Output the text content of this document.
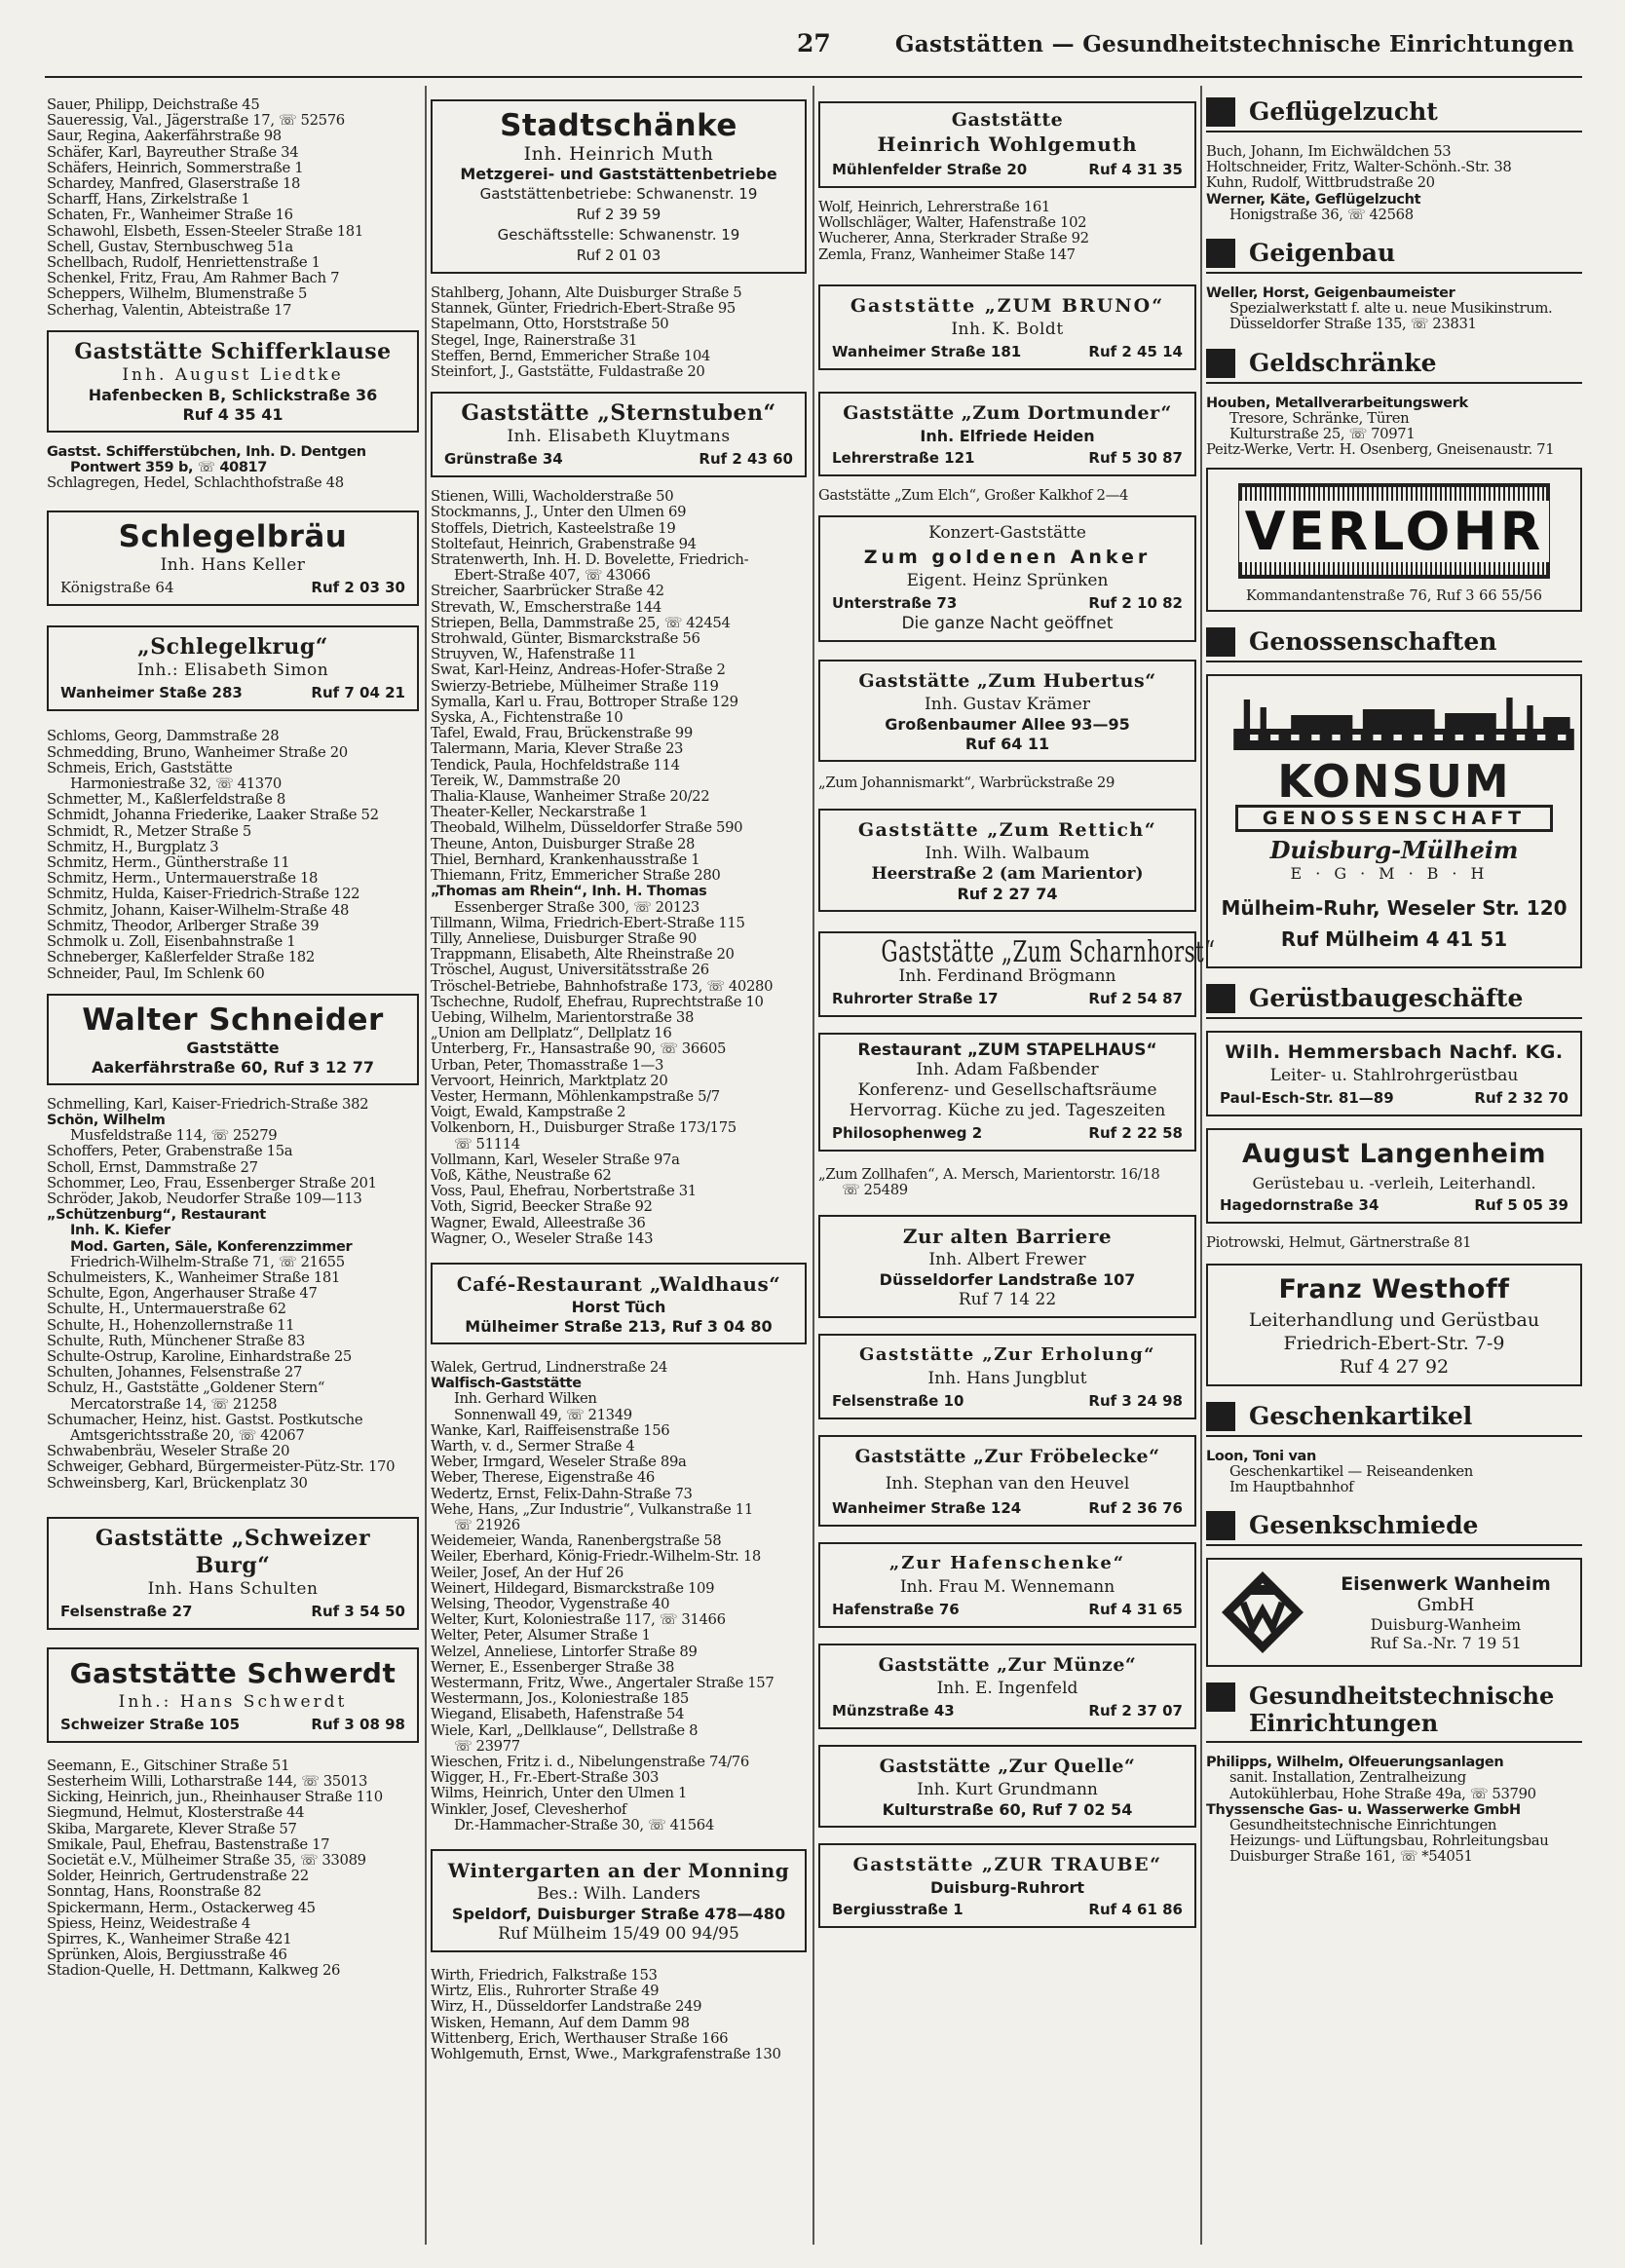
27	Gaststätten — Gesundheitstechnische Einrichtungen
Sauer, Philipp, Deichstraße 45
Saueressig, Val., Jägerstraße 17, ☏ 52576
Saur, Regina, Aakerfährstraße 98
Schäfer, Karl, Bayreuther Straße 34
Schäfers, Heinrich, Sommerstraße 1
Schardey, Manfred, Glaserstraße 18
Scharff, Hans, Zirkelstraße 1
Schaten, Fr., Wanheimer Straße 16
Schawohl, Elsbeth, Essen-Steeler Straße 181
Schell, Gustav, Sternbuschweg 51a
Schellbach, Rudolf, Henriettenstraße 1
Schenkel, Fritz, Frau, Am Rahmer Bach 7
Scheppers, Wilhelm, Blumenstraße 5
Scherhag, Valentin, Abteistraße 17
Gaststätte Schifferklause
Inh. August Liedtke
Hafenbecken B, Schlickstraße 36
Ruf 4 35 41
Gastst. Schifferstübchen, Inh. D. Dentgen
Pontwert 359 b, ☏ 40817
Schlagregen, Hedel, Schlachthofstraße 48
Schlegelbräu
Inh. Hans Keller
Königstraße 64	Ruf 2 03 30
„Schlegelkrug“
Inh.: Elisabeth Simon
Wanheimer Staße 283	Ruf 7 04 21
Schloms, Georg, Dammstraße 28
Schmedding, Bruno, Wanheimer Straße 20
Schmeis, Erich, Gaststätte
Harmoniestraße 32, ☏ 41370
Schmetter, M., Kaßlerfeldstraße 8
Schmidt, Johanna Friederike, Laaker Straße 52
Schmidt, R., Metzer Straße 5
Schmitz, H., Burgplatz 3
Schmitz, Herm., Güntherstraße 11
Schmitz, Herm., Untermauerstraße 18
Schmitz, Hulda, Kaiser-Friedrich-Straße 122
Schmitz, Johann, Kaiser-Wilhelm-Straße 48
Schmitz, Theodor, Arlberger Straße 39
Schmolk u. Zoll, Eisenbahnstraße 1
Schneberger, Kaßlerfelder Straße 182
Schneider, Paul, Im Schlenk 60
Walter Schneider
Gaststätte
Aakerfährstraße 60, Ruf 3 12 77
Schmelling, Karl, Kaiser-Friedrich-Straße 382
Schön, Wilhelm
Musfeldstraße 114, ☏ 25279
Schoffers, Peter, Grabenstraße 15a
Scholl, Ernst, Dammstraße 27
Schommer, Leo, Frau, Essenberger Straße 201
Schröder, Jakob, Neudorfer Straße 109—113
„Schützenburg“, Restaurant
Inh. K. Kiefer
Mod. Garten, Säle, Konferenzzimmer
Friedrich-Wilhelm-Straße 71, ☏ 21655
Schulmeisters, K., Wanheimer Straße 181
Schulte, Egon, Angerhauser Straße 47
Schulte, H., Untermauerstraße 62
Schulte, H., Hohenzollernstraße 11
Schulte, Ruth, Münchener Straße 83
Schulte-Ostrup, Karoline, Einhardstraße 25
Schulten, Johannes, Felsenstraße 27
Schulz, H., Gaststätte „Goldener Stern“
Mercatorstraße 14, ☏ 21258
Schumacher, Heinz, hist. Gastst. Postkutsche
Amtsgerichtsstraße 20, ☏ 42067
Schwabenbräu, Weseler Straße 20
Schweiger, Gebhard, Bürgermeister-Pütz-Str. 170
Schweinsberg, Karl, Brückenplatz 30
Gaststätte „Schweizer Burg“
Inh. Hans Schulten
Felsenstraße 27	Ruf 3 54 50
Gaststätte Schwerdt
Inh.: Hans Schwerdt
Schweizer Straße 105	Ruf 3 08 98
Seemann, E., Gitschiner Straße 51
Sesterheim Willi, Lotharstraße 144, ☏ 35013
Sicking, Heinrich, jun., Rheinhauser Straße 110
Siegmund, Helmut, Klosterstraße 44
Skiba, Margarete, Klever Straße 57
Smikale, Paul, Ehefrau, Bastenstraße 17
Societät e.V., Mülheimer Straße 35, ☏ 33089
Solder, Heinrich, Gertrudenstraße 22
Sonntag, Hans, Roonstraße 82
Spickermann, Herm., Ostackerweg 45
Spiess, Heinz, Weidestraße 4
Spirres, K., Wanheimer Straße 421
Sprünken, Alois, Bergiusstraße 46
Stadion-Quelle, H. Dettmann, Kalkweg 26
Stadtschänke
Inh. Heinrich Muth
Metzgerei- und Gaststättenbetriebe
Gaststättenbetriebe: Schwanenstr. 19
Ruf 2 39 59
Geschäftsstelle: Schwanenstr. 19
Ruf 2 01 03
Stahlberg, Johann, Alte Duisburger Straße 5
Stannek, Günter, Friedrich-Ebert-Straße 95
Stapelmann, Otto, Horststraße 50
Stegel, Inge, Rainerstraße 31
Steffen, Bernd, Emmericher Straße 104
Steinfort, J., Gaststätte, Fuldastraße 20
Gaststätte „Sternstuben“
Inh. Elisabeth Kluytmans
Grünstraße 34	Ruf 2 43 60
Stienen, Willi, Wacholderstraße 50
Stockmanns, J., Unter den Ulmen 69
Stoffels, Dietrich, Kasteelstraße 19
Stoltefaut, Heinrich, Grabenstraße 94
Stratenwerth, Inh. H. D. Bovelette, Friedrich-
Ebert-Straße 407, ☏ 43066
Streicher, Saarbrücker Straße 42
Strevath, W., Emscherstraße 144
Striepen, Bella, Dammstraße 25, ☏ 42454
Strohwald, Günter, Bismarckstraße 56
Struyven, W., Hafenstraße 11
Swat, Karl-Heinz, Andreas-Hofer-Straße 2
Swierzy-Betriebe, Mülheimer Straße 119
Symalla, Karl u. Frau, Bottroper Straße 129
Syska, A., Fichtenstraße 10
Tafel, Ewald, Frau, Brückenstraße 99
Talermann, Maria, Klever Straße 23
Tendick, Paula, Hochfeldstraße 114
Tereik, W., Dammstraße 20
Thalia-Klause, Wanheimer Straße 20/22
Theater-Keller, Neckarstraße 1
Theobald, Wilhelm, Düsseldorfer Straße 590
Theune, Anton, Duisburger Straße 28
Thiel, Bernhard, Krankenhausstraße 1
Thiemann, Fritz, Emmericher Straße 280
„Thomas am Rhein“, Inh. H. Thomas
Essenberger Straße 300, ☏ 20123
Tillmann, Wilma, Friedrich-Ebert-Straße 115
Tilly, Anneliese, Duisburger Straße 90
Trappmann, Elisabeth, Alte Rheinstraße 20
Tröschel, August, Universitätsstraße 26
Tröschel-Betriebe, Bahnhofstraße 173, ☏ 40280
Tschechne, Rudolf, Ehefrau, Ruprechtstraße 10
Uebing, Wilhelm, Marientorstraße 38
„Union am Dellplatz“, Dellplatz 16
Unterberg, Fr., Hansastraße 90, ☏ 36605
Urban, Peter, Thomasstraße 1—3
Vervoort, Heinrich, Marktplatz 20
Vester, Hermann, Möhlenkampstraße 5/7
Voigt, Ewald, Kampstraße 2
Volkenborn, H., Duisburger Straße 173/175
☏ 51114
Vollmann, Karl, Weseler Straße 97a
Voß, Käthe, Neustraße 62
Voss, Paul, Ehefrau, Norbertstraße 31
Voth, Sigrid, Beecker Straße 92
Wagner, Ewald, Alleestraße 36
Wagner, O., Weseler Straße 143
Café-Restaurant „Waldhaus“
Horst Tüch
Mülheimer Straße 213, Ruf 3 04 80
Walek, Gertrud, Lindnerstraße 24
Walfisch-Gaststätte
Inh. Gerhard Wilken
Sonnenwall 49, ☏ 21349
Wanke, Karl, Raiffeisenstraße 156
Warth, v. d., Sermer Straße 4
Weber, Irmgard, Weseler Straße 89a
Weber, Therese, Eigenstraße 46
Wedertz, Ernst, Felix-Dahn-Straße 73
Wehe, Hans, „Zur Industrie“, Vulkanstraße 11
☏ 21926
Weidemeier, Wanda, Ranenbergstraße 58
Weiler, Eberhard, König-Friedr.-Wilhelm-Str. 18
Weiler, Josef, An der Huf 26
Weinert, Hildegard, Bismarckstraße 109
Welsing, Theodor, Vygenstraße 40
Welter, Kurt, Koloniestraße 117, ☏ 31466
Welter, Peter, Alsumer Straße 1
Welzel, Anneliese, Lintorfer Straße 89
Werner, E., Essenberger Straße 38
Westermann, Fritz, Wwe., Angertaler Straße 157
Westermann, Jos., Koloniestraße 185
Wiegand, Elisabeth, Hafenstraße 54
Wiele, Karl, „Dellklause“, Dellstraße 8
☏ 23977
Wieschen, Fritz i. d., Nibelungenstraße 74/76
Wigger, H., Fr.-Ebert-Straße 303
Wilms, Heinrich, Unter den Ulmen 1
Winkler, Josef, Clevesherhof
Dr.-Hammacher-Straße 30, ☏ 41564
Wintergarten an der Monning
Bes.: Wilh. Landers
Speldorf, Duisburger Straße 478—480
Ruf Mülheim 15/49 00 94/95
Wirth, Friedrich, Falkstraße 153
Wirtz, Elis., Ruhrorter Straße 49
Wirz, H., Düsseldorfer Landstraße 249
Wisken, Hemann, Auf dem Damm 98
Wittenberg, Erich, Werthauser Straße 166
Wohlgemuth, Ernst, Wwe., Markgrafenstraße 130
Gaststätte
Heinrich Wohlgemuth
Mühlenfelder Straße 20	Ruf 4 31 35
Wolf, Heinrich, Lehrerstraße 161
Wollschläger, Walter, Hafenstraße 102
Wucherer, Anna, Sterkrader Straße 92
Zemla, Franz, Wanheimer Staße 147
Gaststätte „ZUM BRUNO“
Inh. K. Boldt
Wanheimer Straße 181	Ruf 2 45 14
Gaststätte „Zum Dortmunder“
Inh. Elfriede Heiden
Lehrerstraße 121	Ruf 5 30 87
Gaststätte „Zum Elch“, Großer Kalkhof 2—4
Konzert-Gaststätte
Zum goldenen Anker
Eigent. Heinz Sprünken
Unterstraße 73	Ruf 2 10 82
Die ganze Nacht geöffnet
Gaststätte „Zum Hubertus“
Inh. Gustav Krämer
Großenbaumer Allee 93—95
Ruf 64 11
„Zum Johannismarkt“, Warbrückstraße 29
Gaststätte „Zum Rettich“
Inh. Wilh. Walbaum
Heerstraße 2 (am Marientor)
Ruf 2 27 74
Gaststätte „Zum Scharnhorst“
Inh. Ferdinand Brögmann
Ruhrorter Straße 17	Ruf 2 54 87
Restaurant „ZUM STAPELHAUS“
Inh. Adam Faßbender
Konferenz- und Gesellschaftsräume
Hervorrag. Küche zu jed. Tageszeiten
Philosophenweg 2	Ruf 2 22 58
„Zum Zollhafen“, A. Mersch, Marientorstr. 16/18
☏ 25489
Zur alten Barriere
Inh. Albert Frewer
Düsseldorfer Landstraße 107
Ruf 7 14 22
Gaststätte „Zur Erholung“
Inh. Hans Jungblut
Felsenstraße 10	Ruf 3 24 98
Gaststätte „Zur Fröbelecke“
Inh. Stephan van den Heuvel
Wanheimer Straße 124	Ruf 2 36 76
„Zur Hafenschenke“
Inh. Frau M. Wennemann
Hafenstraße 76	Ruf 4 31 65
Gaststätte „Zur Münze“
Inh. E. Ingenfeld
Münzstraße 43	Ruf 2 37 07
Gaststätte „Zur Quelle“
Inh. Kurt Grundmann
Kulturstraße 60, Ruf 7 02 54
Gaststätte „ZUR TRAUBE“
Duisburg-Ruhrort
Bergiusstraße 1	Ruf 4 61 86
Geflügelzucht
Buch, Johann, Im Eichwäldchen 53
Holtschneider, Fritz, Walter-Schönh.-Str. 38
Kuhn, Rudolf, Wittbrudstraße 20
Werner, Käte, Geflügelzucht
Honigstraße 36, ☏ 42568
Geigenbau
Weller, Horst, Geigenbaumeister
Spezialwerkstatt f. alte u. neue Musikinstrum.
Düsseldorfer Straße 135, ☏ 23831
Geldschränke
Houben, Metallverarbeitungswerk
Tresore, Schränke, Türen
Kulturstraße 25, ☏ 70971
Peitz-Werke, Vertr. H. Osenberg, Gneisenaustr. 71
VERLOHR
Kommandantenstraße 76, Ruf 3 66 55/56
Genossenschaften
KONSUM
GENOSSENSCHAFT
Duisburg-Mülheim
E·G·M·B·H
Mülheim-Ruhr, Weseler Str. 120
Ruf Mülheim 4 41 51
Gerüstbaugeschäfte
Wilh. Hemmersbach Nachf. KG.
Leiter- u. Stahlrohrgerüstbau
Paul-Esch-Str. 81—89	Ruf 2 32 70
August Langenheim
Gerüstebau u. -verleih, Leiterhandl.
Hagedornstraße 34	Ruf 5 05 39
Piotrowski, Helmut, Gärtnerstraße 81
Franz Westhoff
Leiterhandlung und Gerüstbau
Friedrich-Ebert-Str. 7-9
Ruf 4 27 92
Geschenkartikel
Loon, Toni van
Geschenkartikel — Reiseandenken
Im Hauptbahnhof
Gesenkschmiede
Eisenwerk Wanheim
GmbH
Duisburg-Wanheim
Ruf Sa.-Nr. 7 19 51
Gesundheitstechnische
Einrichtungen
Philipps, Wilhelm, Ölfeuerungsanlagen
sanit. Installation, Zentralheizung
Autokühlerbau, Hohe Straße 49a, ☏ 53790
Thyssensche Gas- u. Wasserwerke GmbH
Gesundheitstechnische Einrichtungen
Heizungs- und Lüftungsbau, Rohrleitungsbau
Duisburger Straße 161, ☏ *54051
